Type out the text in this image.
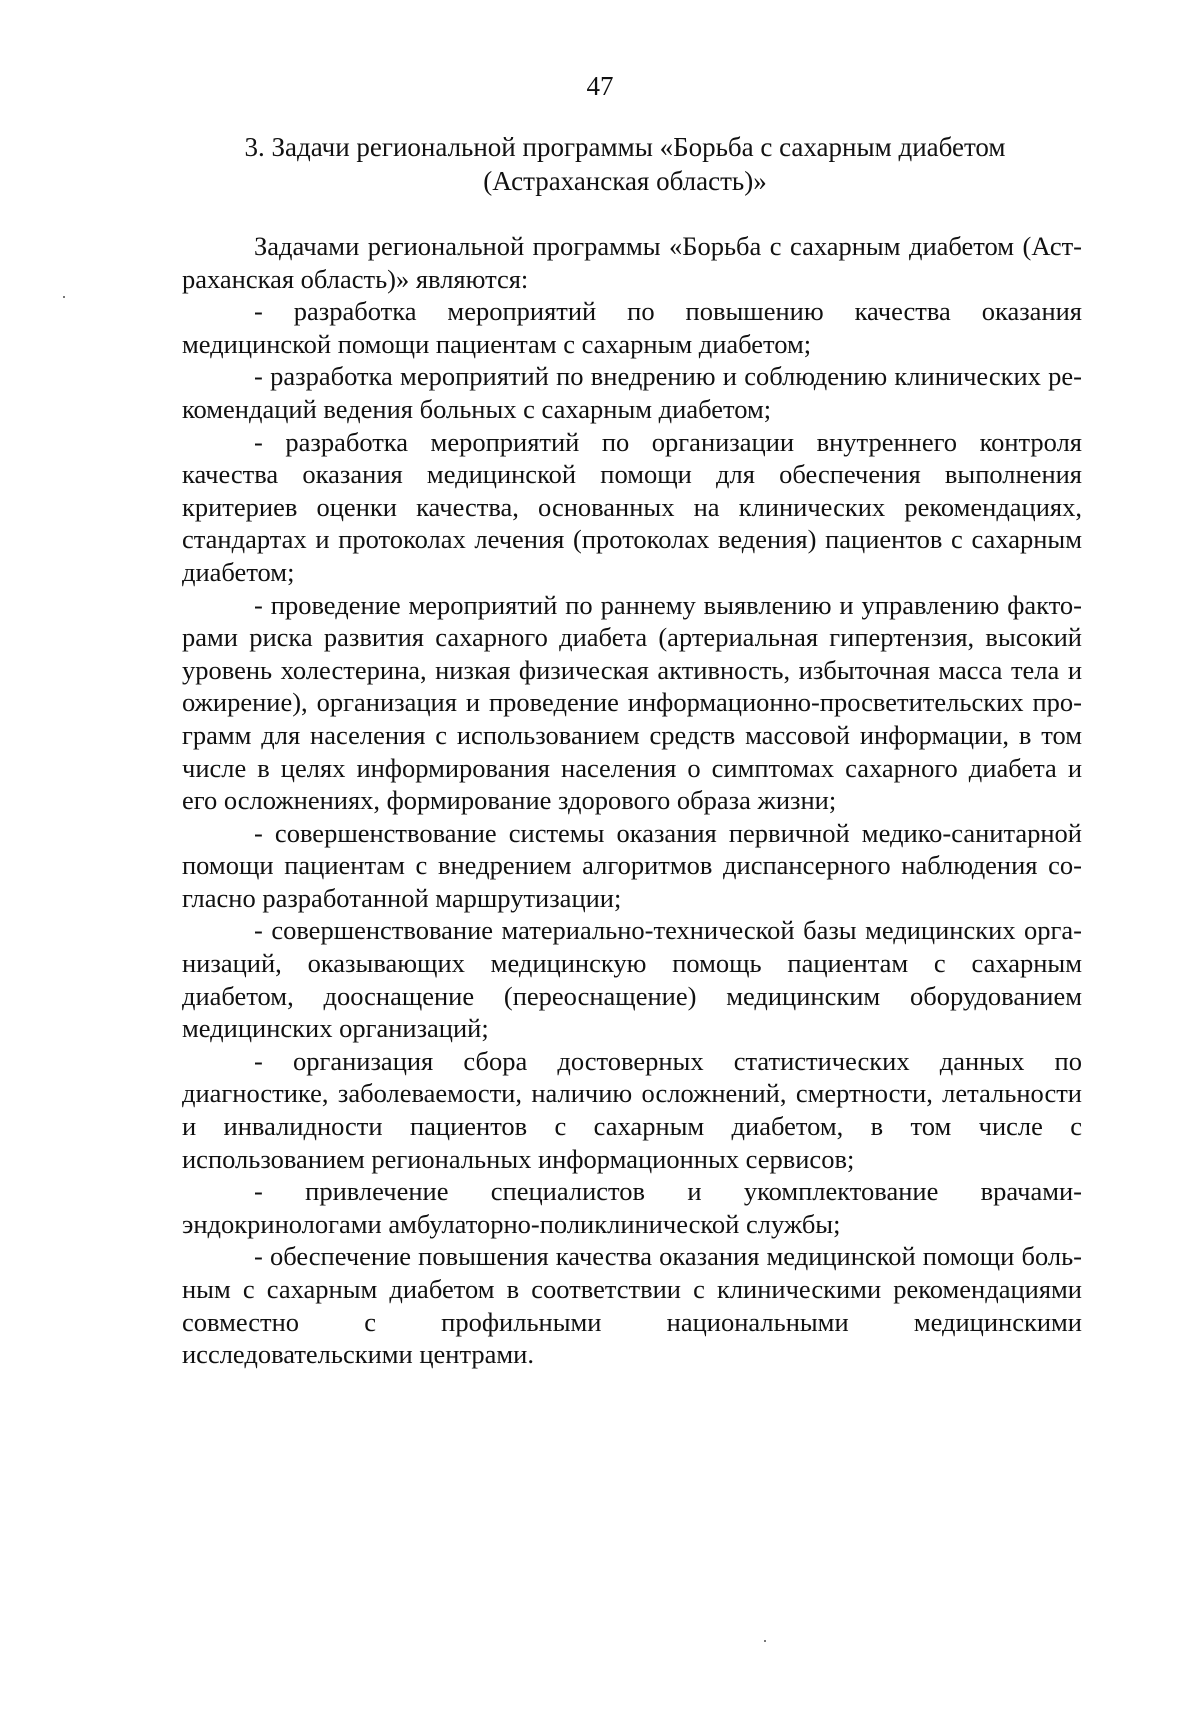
47
3. Задачи региональной программы «Борьба с сахарным диабетом (Астраханская область)»

Задачами региональной программы «Борьба с сахарным диабетом (Астраханская область)» являются:

- разработка мероприятий по повышению качества оказания медицинской помощи пациентам с сахарным диабетом;

- разработка мероприятий по внедрению и соблюдению клинических рекомендаций ведения больных с сахарным диабетом;

- разработка мероприятий по организации внутреннего контроля качества оказания медицинской помощи для обеспечения выполнения критериев оценки качества, основанных на клинических рекомендациях, стандартах и протоколах лечения (протоколах ведения) пациентов с сахарным диабетом;

- проведение мероприятий по раннему выявлению и управлению факторами риска развития сахарного диабета (артериальная гипертензия, высокий уровень холестерина, низкая физическая активность, избыточная масса тела и ожирение), организация и проведение информационно-просветительских программ для населения с использованием средств массовой информации, в том числе в целях информирования населения о симптомах сахарного диабета и его осложнениях, формирование здорового образа жизни;

- совершенствование системы оказания первичной медико-санитарной помощи пациентам с внедрением алгоритмов диспансерного наблюдения согласно разработанной маршрутизации;

- совершенствование материально-технической базы медицинских организаций, оказывающих медицинскую помощь пациентам с сахарным диабетом, дооснащение (переоснащение) медицинским оборудованием медицинских организаций;

- организация сбора достоверных статистических данных по диагностике, заболеваемости, наличию осложнений, смертности, летальности и инвалидности пациентов с сахарным диабетом, в том числе с использованием региональных информационных сервисов;

- привлечение специалистов и укомплектование врачами-эндокринологами амбулаторно-поликлинической службы;

- обеспечение повышения качества оказания медицинской помощи больным с сахарным диабетом в соответствии с клиническими рекомендациями совместно с профильными национальными медицинскими исследовательскими центрами.
